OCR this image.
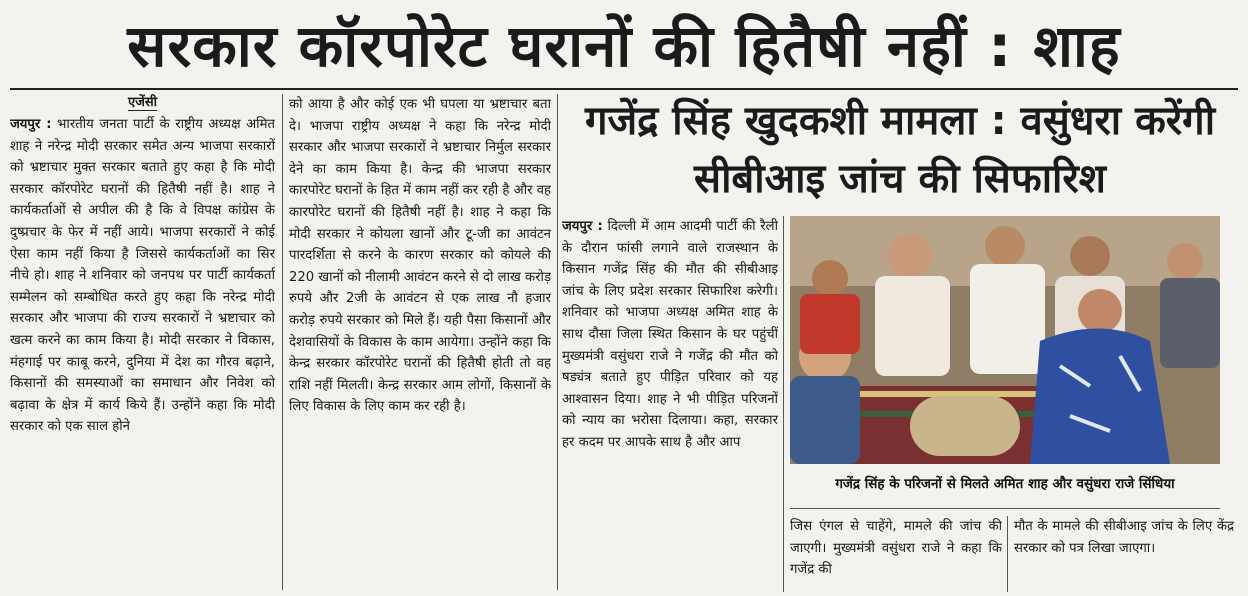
सरकार कॉरपोरेट घरानों की हितैषी नहीं : शाह
एजेंसी

जयपुर : भारतीय जनता पार्टी के राष्ट्रीय अध्यक्ष अमित शाह ने नरेन्द्र मोदी सरकार समेत अन्य भाजपा सरकारों को भ्रष्टाचार मुक्त सरकार बताते हुए कहा है कि मोदी सरकार कॉरपोरेट घरानों की हितैषी नहीं है। शाह ने कार्यकर्ताओं से अपील की है कि वे विपक्ष कांग्रेस के दुष्प्रचार के फेर में नहीं आये। भाजपा सरकारों ने कोई ऐसा काम नहीं किया है जिससे कार्यकर्ताओं का सिर नीचे हो। शाह ने शनिवार को जनपथ पर पार्टी कार्यकर्ता सम्मेलन को सम्बोधित करते हुए कहा कि नरेन्द्र मोदी सरकार और भाजपा की राज्य सरकारों ने भ्रष्टाचार को खत्म करने का काम किया है। मोदी सरकार ने विकास, मंहगाई पर काबू करने, दुनिया में देश का गौरव बढ़ाने, किसानों की समस्याओं का समाधान और निवेश को बढ़ावा के क्षेत्र में कार्य किये हैं। उन्होंने कहा कि मोदी सरकार को एक साल होने

को आया है और कोई एक भी घपला या भ्रष्टाचार बता दे। भाजपा राष्ट्रीय अध्यक्ष ने कहा कि नरेन्द्र मोदी सरकार और भाजपा सरकारों ने भ्रष्टाचार निर्मुल सरकार देने का काम किया है। केन्द्र की भाजपा सरकार कारपोरेट घरानों के हित में काम नहीं कर रही है और वह कारपोरेट घरानों की हितैषी नहीं है। शाह ने कहा कि मोदी सरकार ने कोयला खानों और टू-जी का आवंटन पारदर्शिता से करने के कारण सरकार को कोयले की 220 खानों को नीलामी आवंटन करने से दो लाख करोड़ रुपये और 2जी के आवंटन से एक लाख नौ हजार करोड़ रुपये सरकार को मिले हैं। यही पैसा किसानों और देशवासियों के विकास के काम आयेगा। उन्होंने कहा कि केन्द्र सरकार कॉरपोरेट घरानों की हितैषी होती तो वह राशि नहीं मिलती। केन्द्र सरकार आम लोगों, किसानों के लिए विकास के लिए काम कर रही है।

गजेंद्र सिंह खुदकशी मामला : वसुंधरा करेंगी सीबीआइ जांच की सिफारिश

जयपुर : दिल्ली में आम आदमी पार्टी की रैली के दौरान फांसी लगाने वाले राजस्थान के किसान गजेंद्र सिंह की मौत की सीबीआइ जांच के लिए प्रदेश सरकार सिफारिश करेगी। शनिवार को भाजपा अध्यक्ष अमित शाह के साथ दौसा जिला स्थित किसान के घर पहुंचीं मुख्यमंत्री वसुंधरा राजे ने गजेंद्र की मौत को षड्यंत्र बताते हुए पीड़ित परिवार को यह आश्वासन दिया। शाह ने भी पीड़ित परिजनों को न्याय का भरोसा दिलाया। कहा, सरकार हर कदम पर आपके साथ है और आप

गजेंद्र सिंह के परिजनों से मिलते अमित शाह और वसुंधरा राजे सिंधिया

जिस एंगल से चाहेंगे, मामले की जांच की जाएगी। मुख्यमंत्री वसुंधरा राजे ने कहा कि गजेंद्र की

मौत के मामले की सीबीआइ जांच के लिए केंद्र सरकार को पत्र लिखा जाएगा।
